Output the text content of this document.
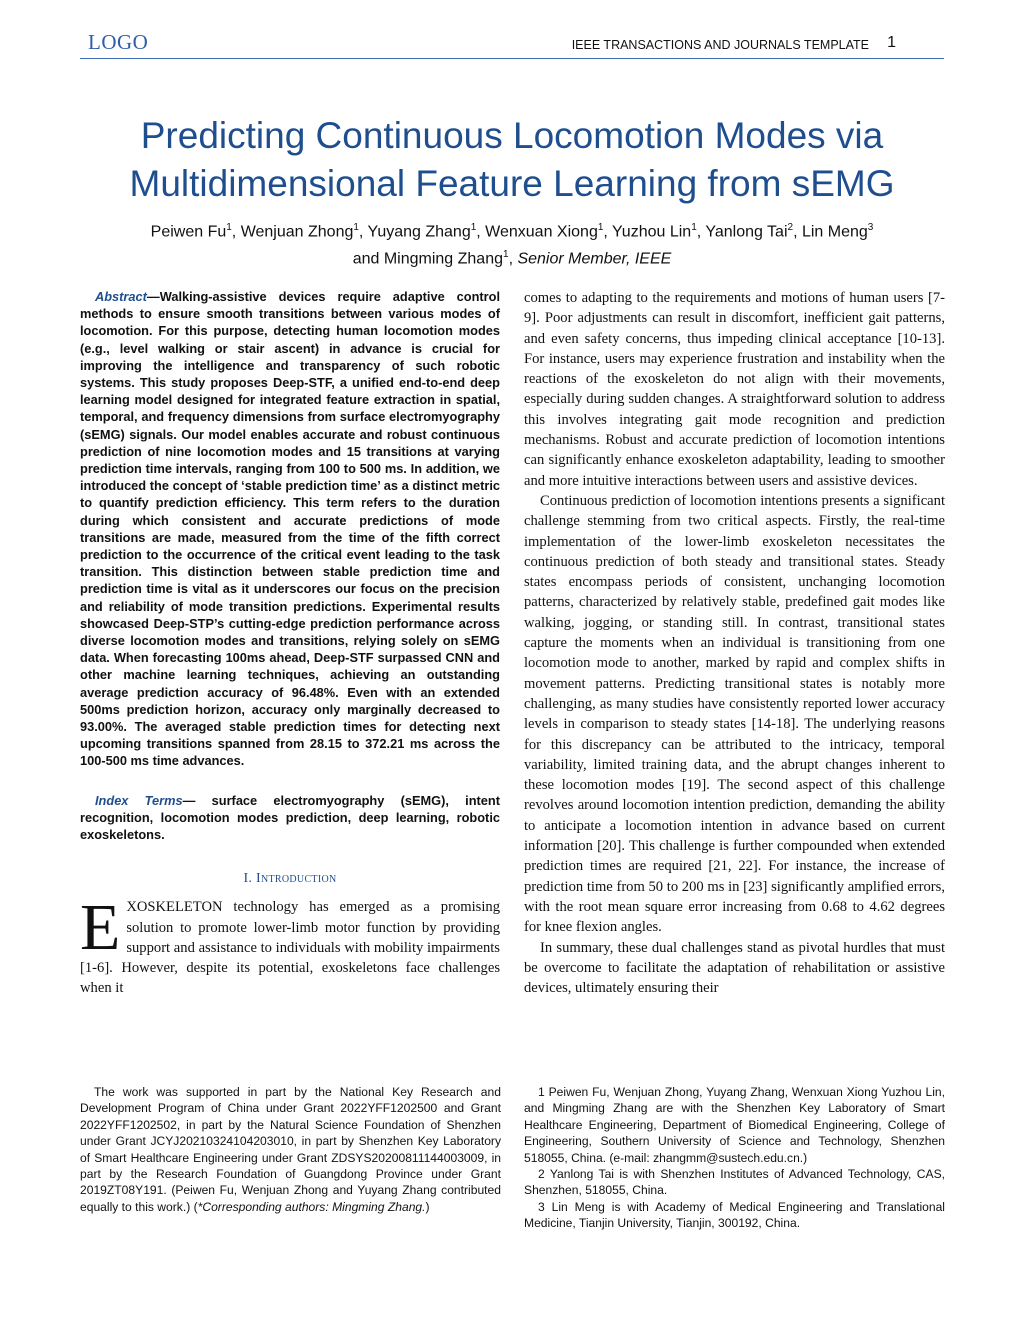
LOGO	IEEE TRANSACTIONS AND JOURNALS TEMPLATE 1
Predicting Continuous Locomotion Modes via
Multidimensional Feature Learning from sEMG
Peiwen Fu$^1$, Wenjuan Zhong$^1$, Yuyang Zhang$^1$, Wenxuan Xiong$^1$, Yuzhou Lin$^1$, Yanlong Tai$^2$, Lin Meng$^3$
and Mingming Zhang$^1$, Senior Member, IEEE

Abstract—Walking-assistive devices require adaptive control methods to ensure smooth transitions between various modes of locomotion. For this purpose, detecting human locomotion modes (e.g., level walking or stair ascent) in advance is crucial for improving the intelligence and transparency of such robotic systems. This study proposes Deep-STF, a unified end-to-end deep learning model designed for integrated feature extraction in spatial, temporal, and frequency dimensions from surface electromyography (sEMG) signals. Our model enables accurate and robust continuous prediction of nine locomotion modes and 15 transitions at varying prediction time intervals, ranging from 100 to 500 ms. In addition, we introduced the concept of ‘stable prediction time’ as a distinct metric to quantify prediction efficiency. This term refers to the duration during which consistent and accurate predictions of mode transitions are made, measured from the time of the fifth correct prediction to the occurrence of the critical event leading to the task transition. This distinction between stable prediction time and prediction time is vital as it underscores our focus on the precision and reliability of mode transition predictions. Experimental results showcased Deep-STP’s cutting-edge prediction performance across diverse locomotion modes and transitions, relying solely on sEMG data. When forecasting 100ms ahead, Deep-STF surpassed CNN and other machine learning techniques, achieving an outstanding average prediction accuracy of 96.48%. Even with an extended 500ms prediction horizon, accuracy only marginally decreased to 93.00%. The averaged stable prediction times for detecting next upcoming transitions spanned from 28.15 to 372.21 ms across the 100-500 ms time advances.

Index Terms— surface electromyography (sEMG), intent recognition, locomotion modes prediction, deep learning, robotic exoskeletons.

I. Introduction

EXOSKELETON technology has emerged as a promising solution to promote lower-limb motor function by providing support and assistance to individuals with mobility impairments [1-6]. However, despite its potential, exoskeletons face challenges when it

comes to adapting to the requirements and motions of human users [7-9]. Poor adjustments can result in discomfort, inefficient gait patterns, and even safety concerns, thus impeding clinical acceptance [10-13]. For instance, users may experience frustration and instability when the reactions of the exoskeleton do not align with their movements, especially during sudden changes. A straightforward solution to address this involves integrating gait mode recognition and prediction mechanisms. Robust and accurate prediction of locomotion intentions can significantly enhance exoskeleton adaptability, leading to smoother and more intuitive interactions between users and assistive devices.

Continuous prediction of locomotion intentions presents a significant challenge stemming from two critical aspects. Firstly, the real-time implementation of the lower-limb exoskeleton necessitates the continuous prediction of both steady and transitional states. Steady states encompass periods of consistent, unchanging locomotion patterns, characterized by relatively stable, predefined gait modes like walking, jogging, or standing still. In contrast, transitional states capture the moments when an individual is transitioning from one locomotion mode to another, marked by rapid and complex shifts in movement patterns. Predicting transitional states is notably more challenging, as many studies have consistently reported lower accuracy levels in comparison to steady states [14-18]. The underlying reasons for this discrepancy can be attributed to the intricacy, temporal variability, limited training data, and the abrupt changes inherent to these locomotion modes [19]. The second aspect of this challenge revolves around locomotion intention prediction, demanding the ability to anticipate a locomotion intention in advance based on current information [20]. This challenge is further compounded when extended prediction times are required [21, 22]. For instance, the increase of prediction time from 50 to 200 ms in [23] significantly amplified errors, with the root mean square error increasing from 0.68 to 4.62 degrees for knee flexion angles.

In summary, these dual challenges stand as pivotal hurdles that must be overcome to facilitate the adaptation of rehabilitation or assistive devices, ultimately ensuring their

The work was supported in part by the National Key Research and Development Program of China under Grant 2022YFF1202500 and Grant 2022YFF1202502, in part by the Natural Science Foundation of Shenzhen under Grant JCYJ20210324104203010, in part by Shenzhen Key Laboratory of Smart Healthcare Engineering under Grant ZDSYS20200811144003009, in part by the Research Foundation of Guangdong Province under Grant 2019ZT08Y191. (Peiwen Fu, Wenjuan Zhong and Yuyang Zhang contributed equally to this work.) (*Corresponding authors: Mingming Zhang.)

1 Peiwen Fu, Wenjuan Zhong, Yuyang Zhang, Wenxuan Xiong Yuzhou Lin, and Mingming Zhang are with the Shenzhen Key Laboratory of Smart Healthcare Engineering, Department of Biomedical Engineering, College of Engineering, Southern University of Science and Technology, Shenzhen 518055, China. (e-mail: zhangmm@sustech.edu.cn.)

2 Yanlong Tai is with Shenzhen Institutes of Advanced Technology, CAS, Shenzhen, 518055, China.

3 Lin Meng is with Academy of Medical Engineering and Translational Medicine, Tianjin University, Tianjin, 300192, China.
